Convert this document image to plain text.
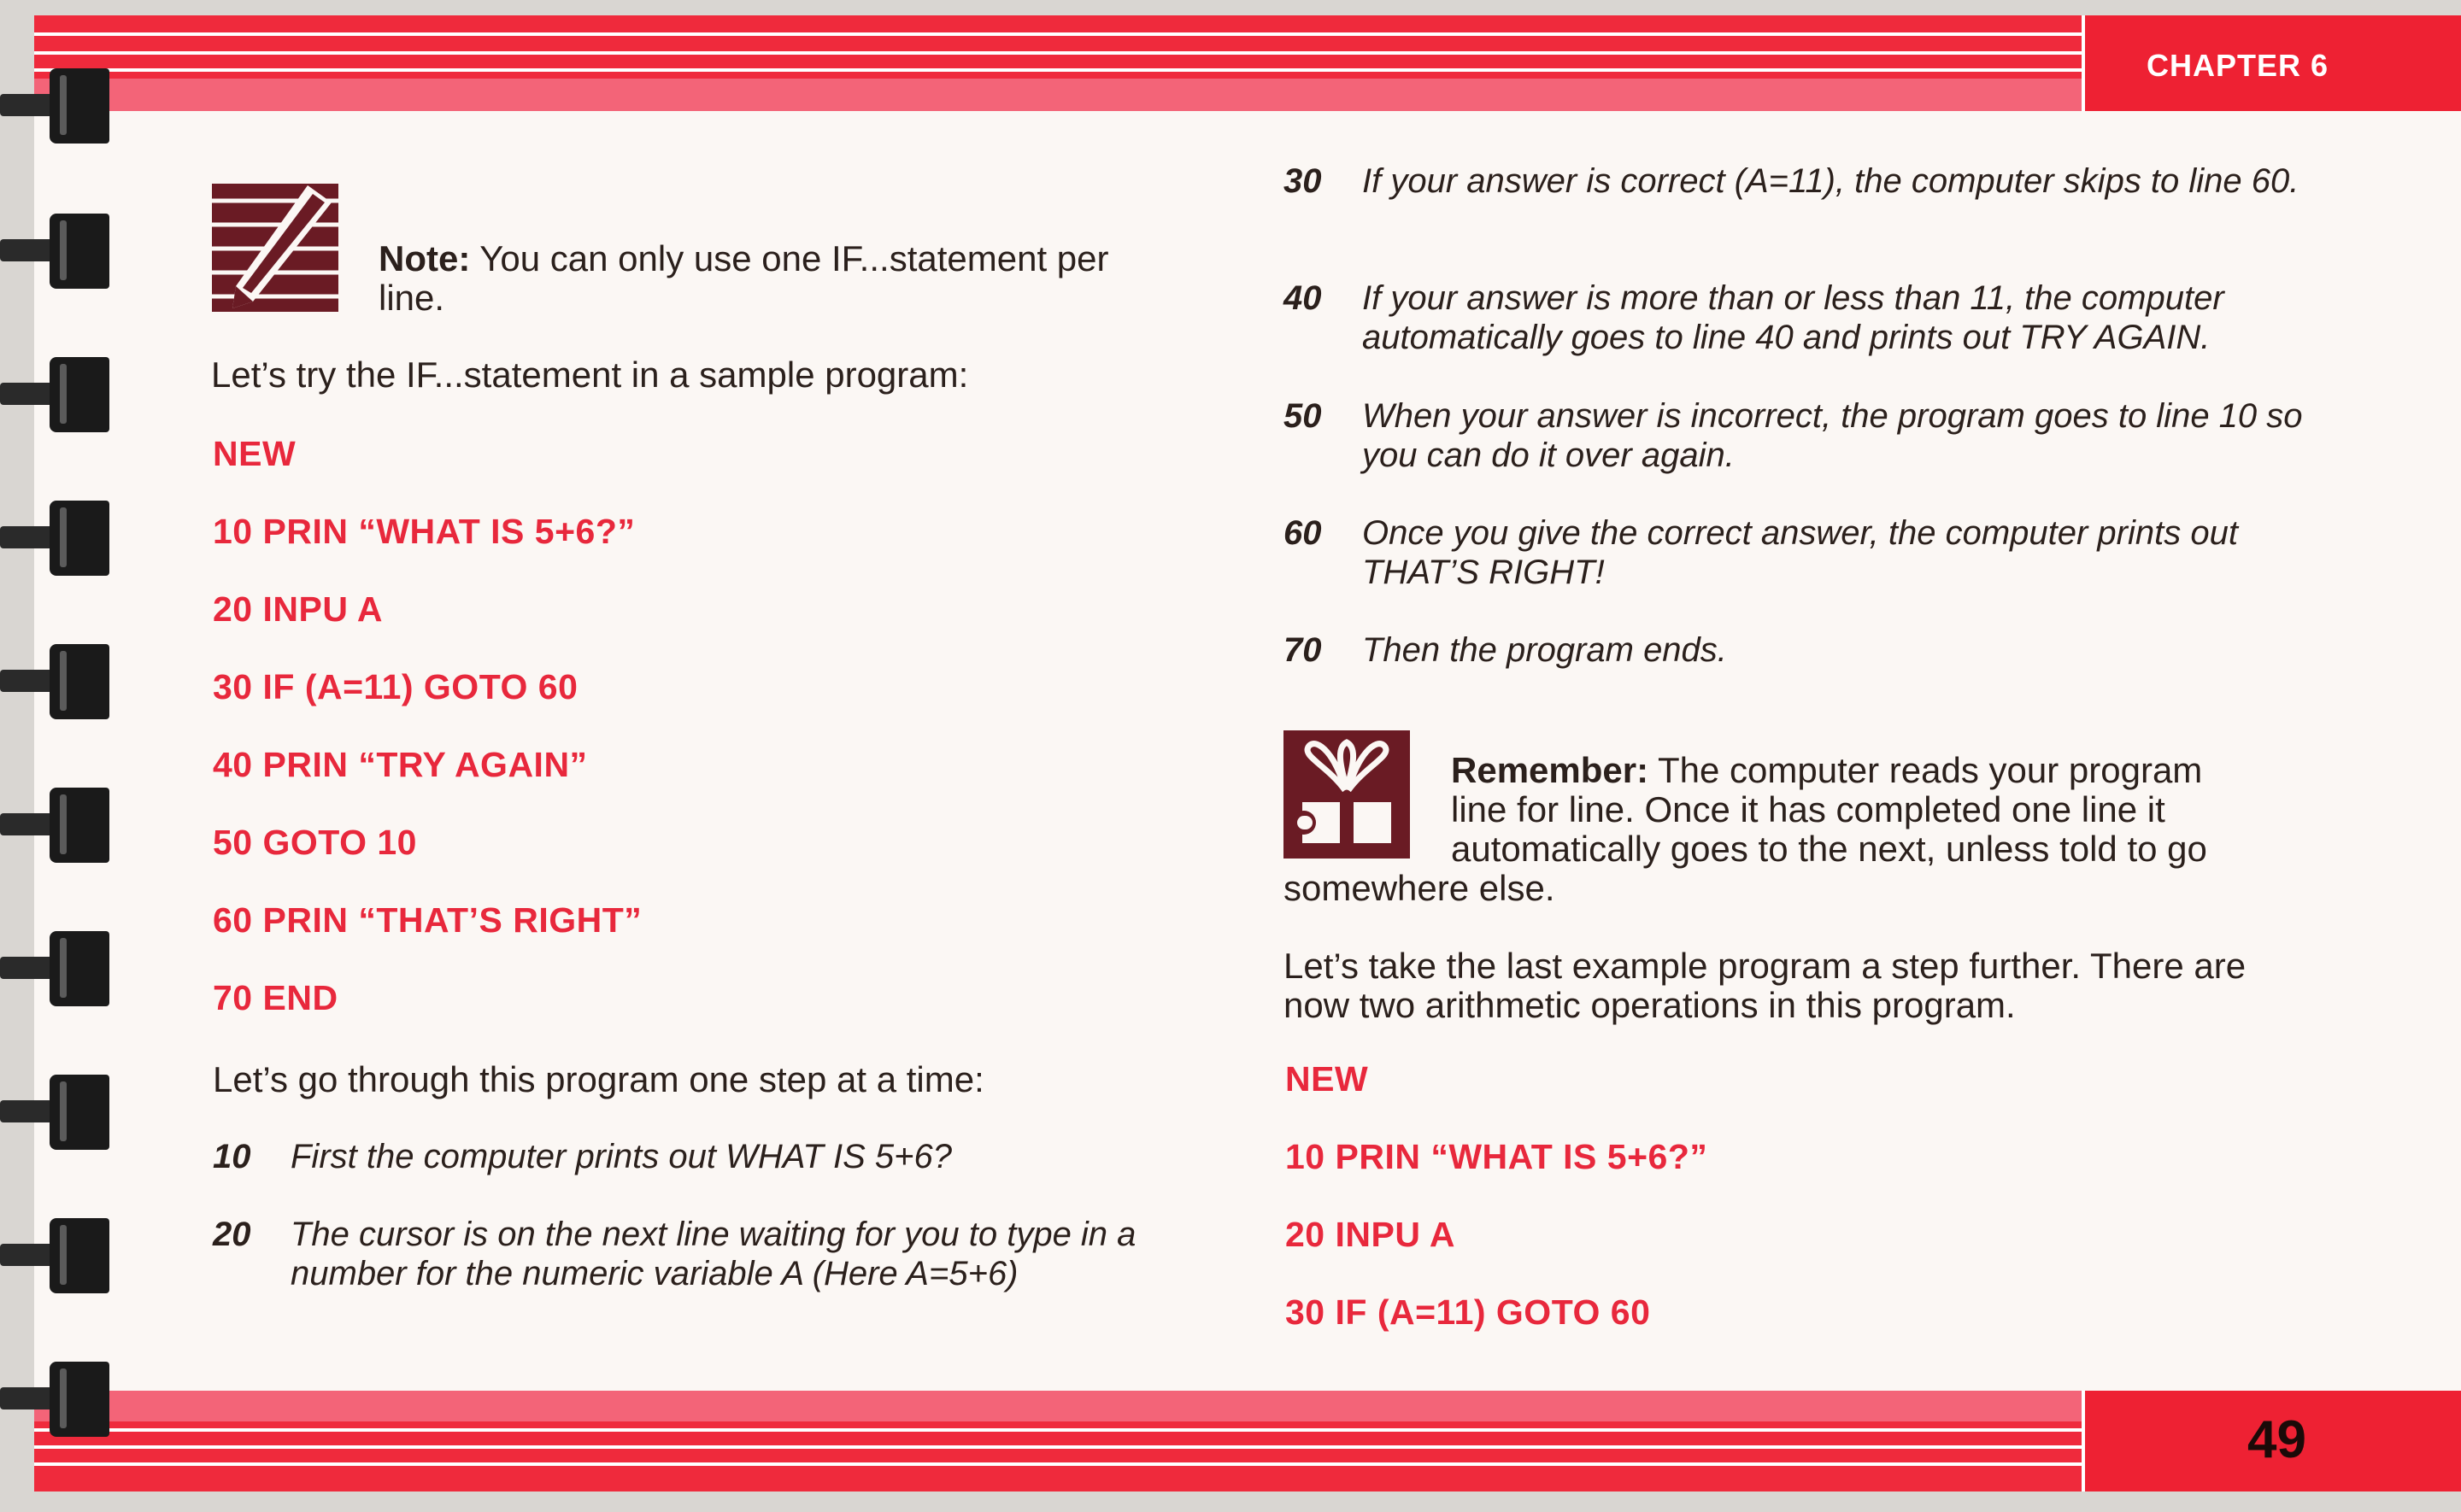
CHAPTER 6
49
Note: You can only use one IF...statement per
line.
Let’s try the IF...statement in a sample program:
NEW
10 PRIN “WHAT IS 5+6?”
20 INPU A
30 IF (A=11) GOTO 60
40 PRIN “TRY AGAIN”
50 GOTO 10
60 PRIN “THAT’S RIGHT”
70 END
Let’s go through this program one step at a time:
10 First the computer prints out WHAT IS 5+6?
20 The cursor is on the next line waiting for you to type in a number for the numeric variable A (Here A=5+6)
30 If your answer is correct (A=11), the computer skips to line 60.
40 If your answer is more than or less than 11, the computer automatically goes to line 40 and prints out TRY AGAIN.
50 When your answer is incorrect, the program goes to line 10 so you can do it over again.
60 Once you give the correct answer, the computer prints out THAT’S RIGHT!
70 Then the program ends.
Remember: The computer reads your program
line for line. Once it has completed one line it
automatically goes to the next, unless told to go
somewhere else.
Let’s take the last example program a step further. There are now two arithmetic operations in this program.
NEW
10 PRIN “WHAT IS 5+6?”
20 INPU A
30 IF (A=11) GOTO 60
